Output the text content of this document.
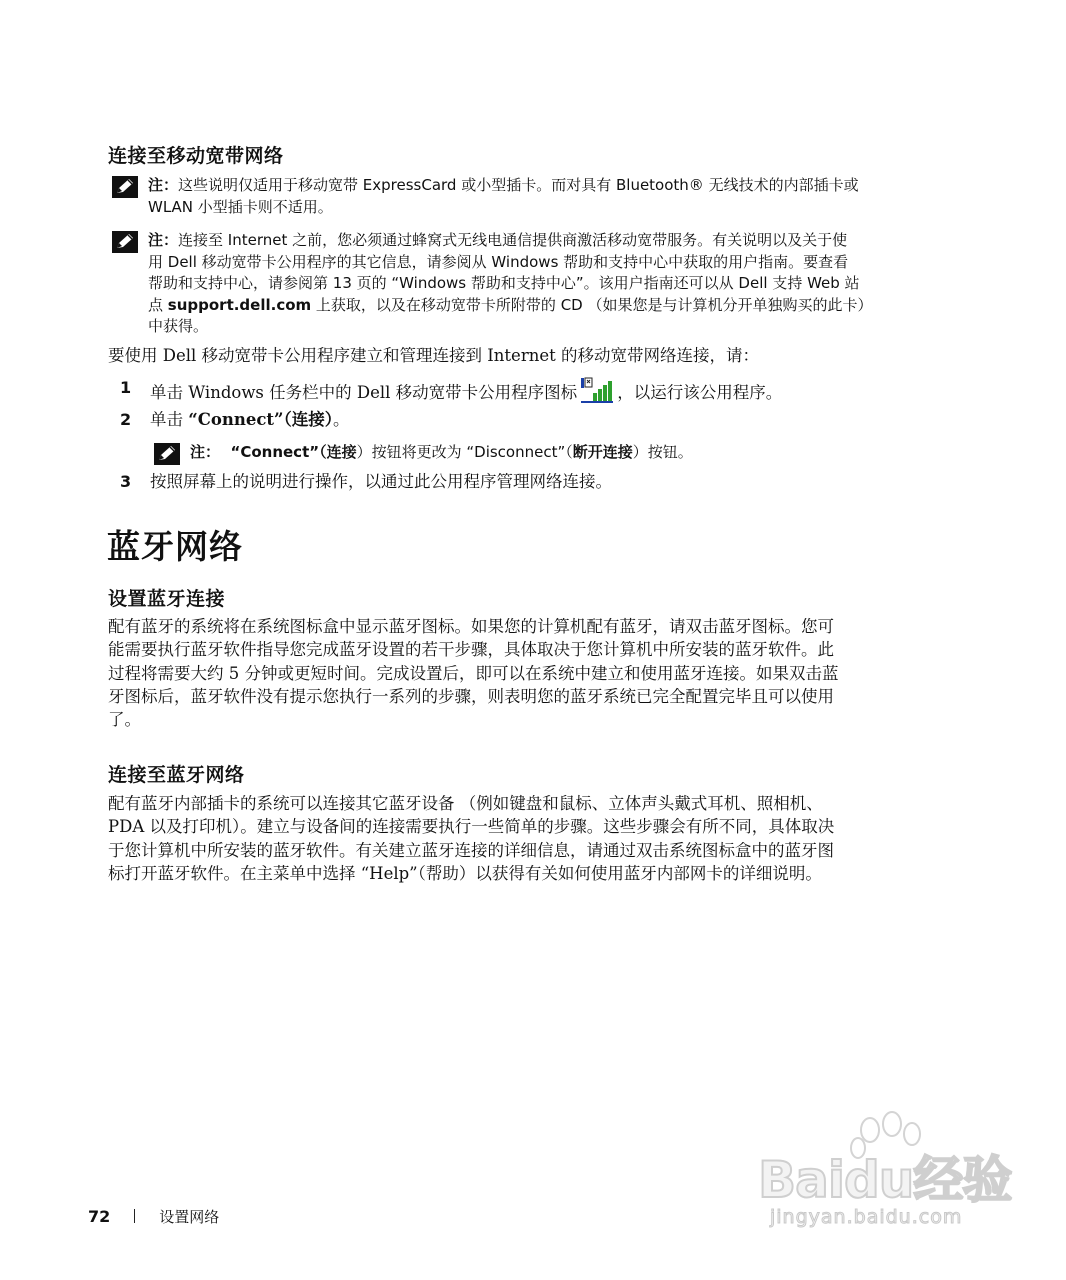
连接至移动宽带网络
注：这些说明仅适用于移动宽带 ExpressCard 或小型插卡。而对具有 Bluetooth® 无线技术的内部插卡或
WLAN 小型插卡则不适用。
注：连接至 Internet 之前，您必须通过蜂窝式无线电通信提供商激活移动宽带服务。有关说明以及关于使
用 Dell 移动宽带卡公用程序的其它信息，请参阅从 Windows 帮助和支持中心中获取的用户指南。要查看
帮助和支持中心，请参阅第 13 页的 “Windows 帮助和支持中心”。该用户指南还可以从 Dell 支持 Web 站
点 support.dell.com 上获取，以及在移动宽带卡所附带的 CD （如果您是与计算机分开单独购买的此卡）
中获得。
要使用 Dell 移动宽带卡公用程序建立和管理连接到 Internet 的移动宽带网络连接，请：
1 单击 Windows 任务栏中的 Dell 移动宽带卡公用程序图标 ，以运行该公用程序。
2 单击 “Connect”（连接）。
注： “Connect”（连接）按钮将更改为 “Disconnect”（断开连接）按钮。
3 按照屏幕上的说明进行操作，以通过此公用程序管理网络连接。
蓝牙网络
设置蓝牙连接
配有蓝牙的系统将在系统图标盒中显示蓝牙图标。如果您的计算机配有蓝牙，请双击蓝牙图标。您可
能需要执行蓝牙软件指导您完成蓝牙设置的若干步骤，具体取决于您计算机中所安装的蓝牙软件。此
过程将需要大约 5 分钟或更短时间。完成设置后，即可以在系统中建立和使用蓝牙连接。如果双击蓝
牙图标后，蓝牙软件没有提示您执行一系列的步骤，则表明您的蓝牙系统已完全配置完毕且可以使用
了。
连接至蓝牙网络
配有蓝牙内部插卡的系统可以连接其它蓝牙设备 （例如键盘和鼠标、立体声头戴式耳机、照相机、
PDA 以及打印机）。建立与设备间的连接需要执行一些简单的步骤。这些步骤会有所不同，具体取决
于您计算机中所安装的蓝牙软件。有关建立蓝牙连接的详细信息，请通过双击系统图标盒中的蓝牙图
标打开蓝牙软件。在主菜单中选择 “Help”（帮助）以获得有关如何使用蓝牙内部网卡的详细说明。
72	设置网络
Baidu经验
jingyan.baidu.com
